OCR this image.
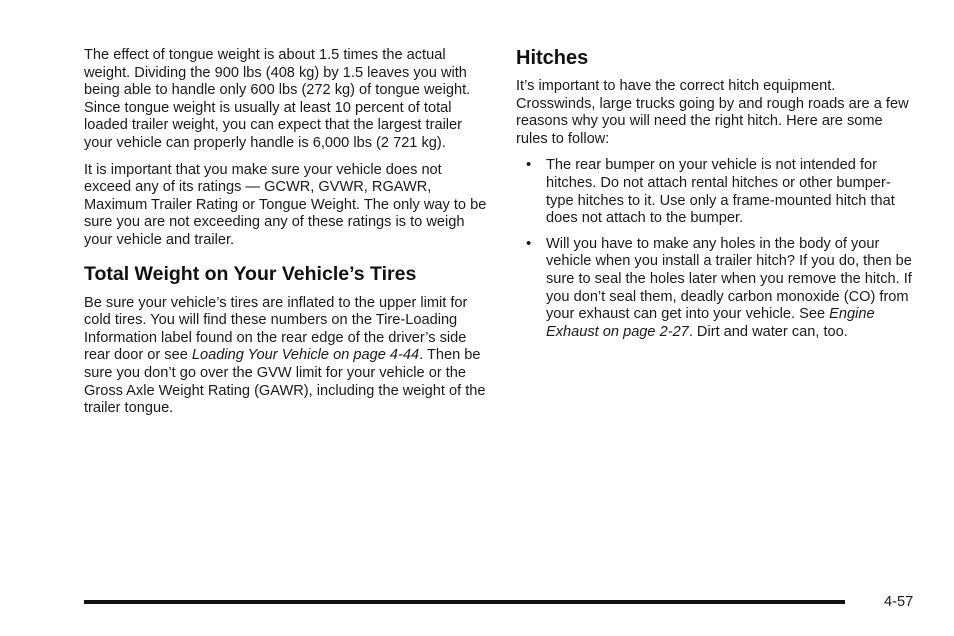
The effect of tongue weight is about 1.5 times the actual weight. Dividing the 900 lbs (408 kg) by 1.5 leaves you with being able to handle only 600 lbs (272 kg) of tongue weight. Since tongue weight is usually at least 10 percent of total loaded trailer weight, you can expect that the largest trailer your vehicle can properly handle is 6,000 lbs (2 721 kg).

It is important that you make sure your vehicle does not exceed any of its ratings — GCWR, GVWR, RGAWR, Maximum Trailer Rating or Tongue Weight. The only way to be sure you are not exceeding any of these ratings is to weigh your vehicle and trailer.

Total Weight on Your Vehicle’s Tires

Be sure your vehicle’s tires are inflated to the upper limit for cold tires. You will find these numbers on the Tire-Loading Information label found on the rear edge of the driver’s side rear door or see Loading Your Vehicle on page 4-44. Then be sure you don’t go over the GVW limit for your vehicle or the Gross Axle Weight Rating (GAWR), including the weight of the trailer tongue.

Hitches

It’s important to have the correct hitch equipment. Crosswinds, large trucks going by and rough roads are a few reasons why you will need the right hitch. Here are some rules to follow:

• The rear bumper on your vehicle is not intended for hitches. Do not attach rental hitches or other bumper-type hitches to it. Use only a frame-mounted hitch that does not attach to the bumper.

• Will you have to make any holes in the body of your vehicle when you install a trailer hitch? If you do, then be sure to seal the holes later when you remove the hitch. If you don’t seal them, deadly carbon monoxide (CO) from your exhaust can get into your vehicle. See Engine Exhaust on page 2-27. Dirt and water can, too.

4-57
